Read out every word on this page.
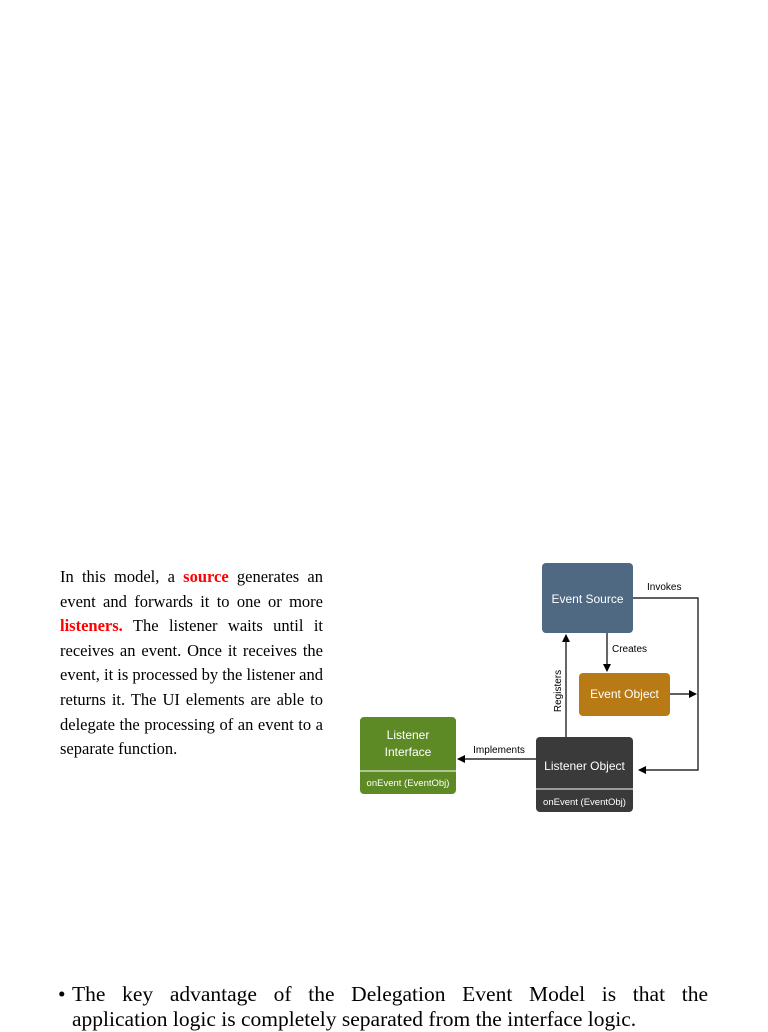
In this model, a source generates an event and forwards it to one or more listeners. The listener waits until it receives an event. Once it receives the event, it is processed by the listener and returns it. The UI elements are able to delegate the processing of an event to a separate function.
Event Source
Event Object
Listener Object
onEvent (EventObj)
Listener
Interface
onEvent (EventObj)
Invokes
Creates
Registers
Implements
• The key advantage of the Delegation Event Model is that the
application logic is completely separated from the interface logic.
